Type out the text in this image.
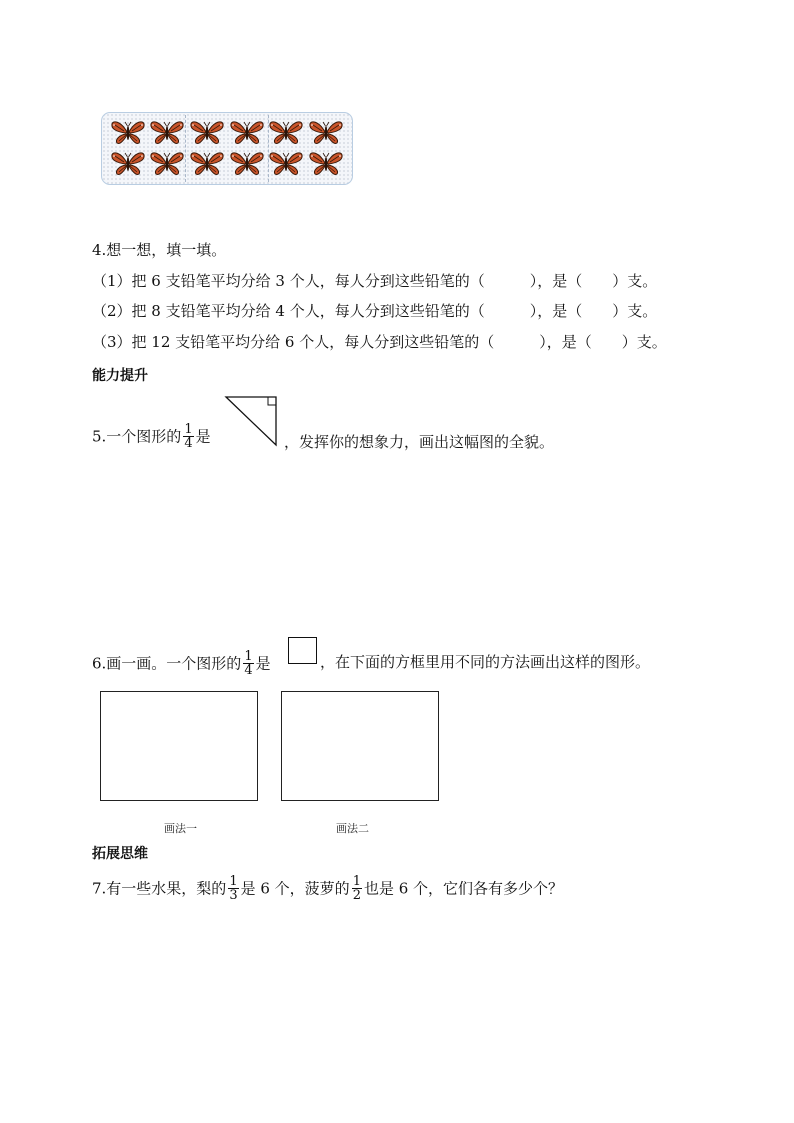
4.想一想，填一填。
（1）把 6 支铅笔平均分给 3 个人，每人分到这些铅笔的（　　　），是（　　）支。
（2）把 8 支铅笔平均分给 4 个人，每人分到这些铅笔的（　　　），是（　　）支。
（3）把 12 支铅笔平均分给 6 个人，每人分到这些铅笔的（　　　），是（　　）支。
能力提升
5.一个图形的 $\frac{1}{4}$ 是	，发挥你的想象力，画出这幅图的全貌。
6.画一画。一个图形的 $\frac{1}{4}$ 是	，在下面的方框里用不同的方法画出这样的图形。
画法一	画法二
拓展思维
7.有一些水果，梨的 $\frac{1}{3}$ 是 6 个，菠萝的 $\frac{1}{2}$ 也是 6 个，它们各有多少个？
